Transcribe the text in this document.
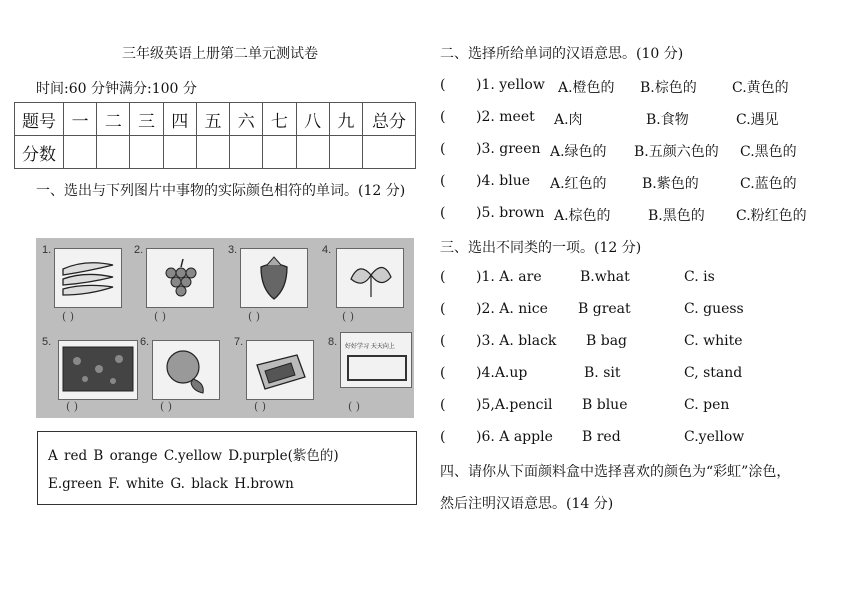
三年级英语上册第二单元测试卷
时间:60 分钟满分:100 分
题号	一	二	三	四	五	六	七	八	九	总分
分数										
一、选出与下列图片中事物的实际颜色相符的单词。(12 分)
1.
( )
2.
( )
3.
( )
4.
( )
5.
( )
6.
( )
7.
( )
8. 好好学习 天天向上
( )
A red B orange C.yellow D.purple(紫色的)
E.green F. white G. black H.brown
二、选择所给单词的汉语意思。(10 分)
( )1. yellow A.橙色的 B.棕色的	C.黄色的
( )2. meet A.肉	B.食物	C.遇见
( )3. green A.绿色的 B.五颜六色的 C.黑色的
( )4. blue A.红色的	B.紫色的	C.蓝色的
( )5. brown A.棕色的	B.黑色的 C.粉红色的
三、选出不同类的一项。(12 分)
( )1. A. are	B.what	C. is
( )2. A. nice B great	C. guess
( )3. A. black B bag	C. white
( )4.A.up	B. sit	C, stand
( )5,A.pencil B blue	C. pen
( )6. A apple B red	C.yellow
四、请你从下面颜料盒中选择喜欢的颜色为“彩虹”涂色，
然后注明汉语意思。(14 分)
